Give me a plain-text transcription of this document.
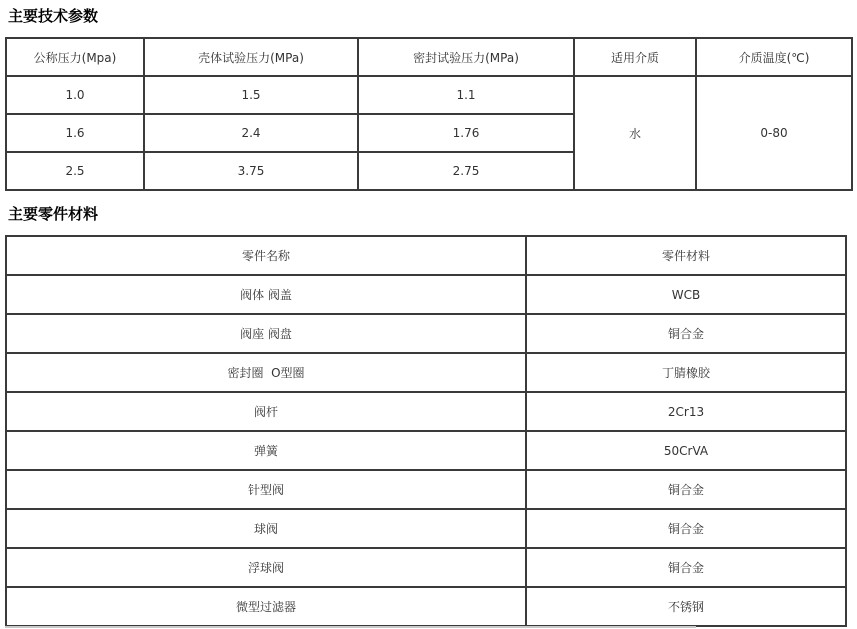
主要技术参数
公称压力(Mpa)	壳体试验压力(MPa)	密封试验压力(MPa)	适用介质	介质温度(℃)
1.0	1.5	1.1	水	0-80
1.6	2.4	1.76		
2.5	3.75	2.75		
主要零件材料
零件名称	零件材料
阀体 阀盖	WCB
阀座 阀盘	铜合金
密封圈  O型圈	丁腈橡胶
阀杆	2Cr13
弹簧	50CrVA
针型阀	铜合金
球阀	铜合金
浮球阀	铜合金
微型过滤器	不锈钢
